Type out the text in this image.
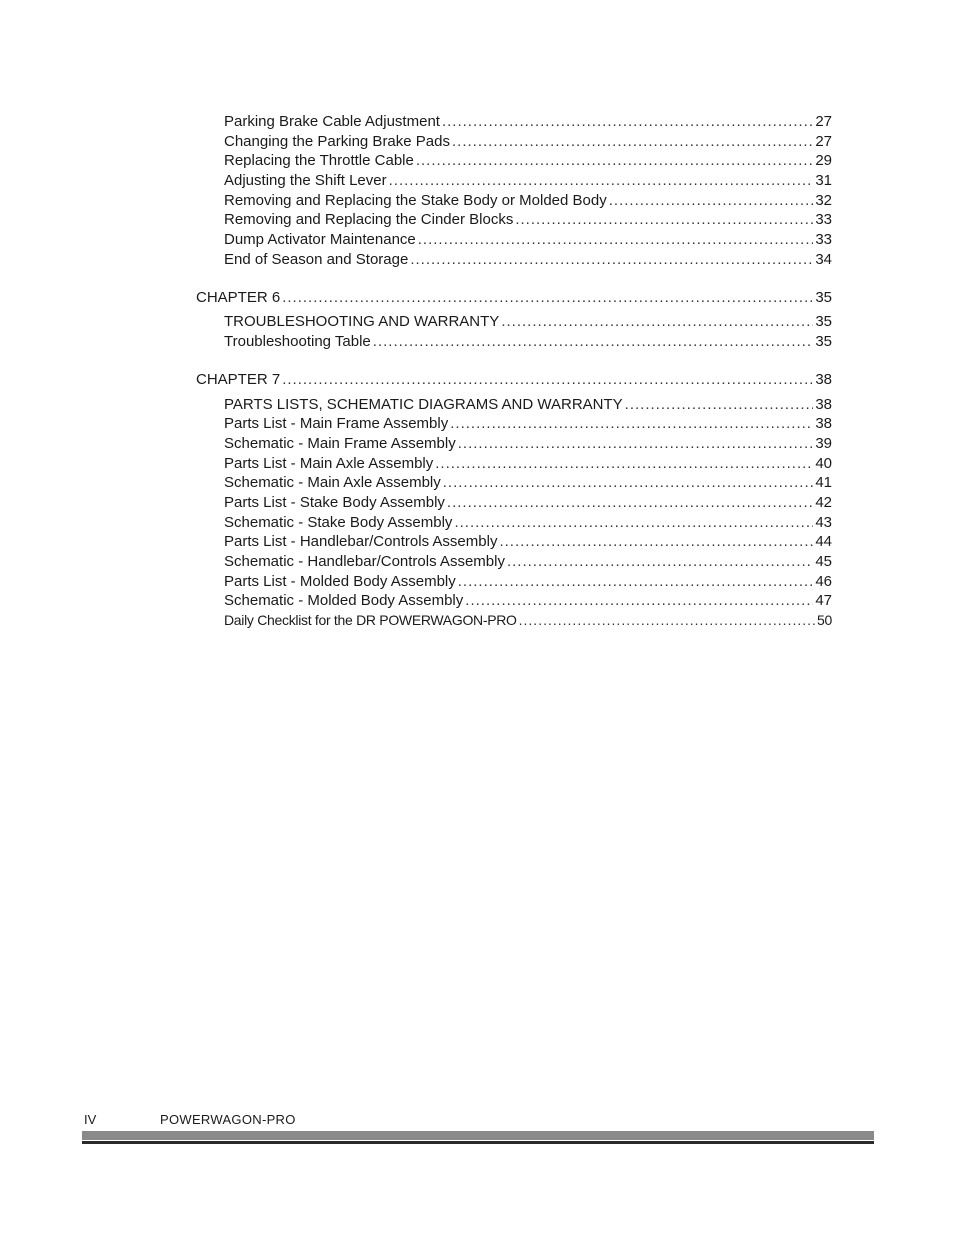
Parking Brake Cable Adjustment .....	27
Changing the Parking Brake Pads .....	27
Replacing the Throttle Cable .....	29
Adjusting the Shift Lever .....	31
Removing and Replacing the Stake Body or Molded Body .....	32
Removing and Replacing the Cinder Blocks .....	33
Dump Activator Maintenance .....	33
End of Season and Storage .....	34
CHAPTER 6 .....	35
TROUBLESHOOTING AND WARRANTY .....	35
Troubleshooting Table .....	35
CHAPTER 7 .....	38
PARTS LISTS, SCHEMATIC DIAGRAMS AND WARRANTY .....	38
Parts List - Main Frame Assembly .....	38
Schematic - Main Frame Assembly .....	39
Parts List - Main Axle Assembly .....	40
Schematic - Main Axle Assembly .....	41
Parts List - Stake Body Assembly .....	42
Schematic - Stake Body Assembly .....	43
Parts List - Handlebar/Controls Assembly .....	44
Schematic - Handlebar/Controls Assembly .....	45
Parts List - Molded Body Assembly .....	46
Schematic - Molded Body Assembly .....	47
Daily Checklist for the DR POWERWAGON-PRO .....	50
IV	POWERWAGON-PRO
